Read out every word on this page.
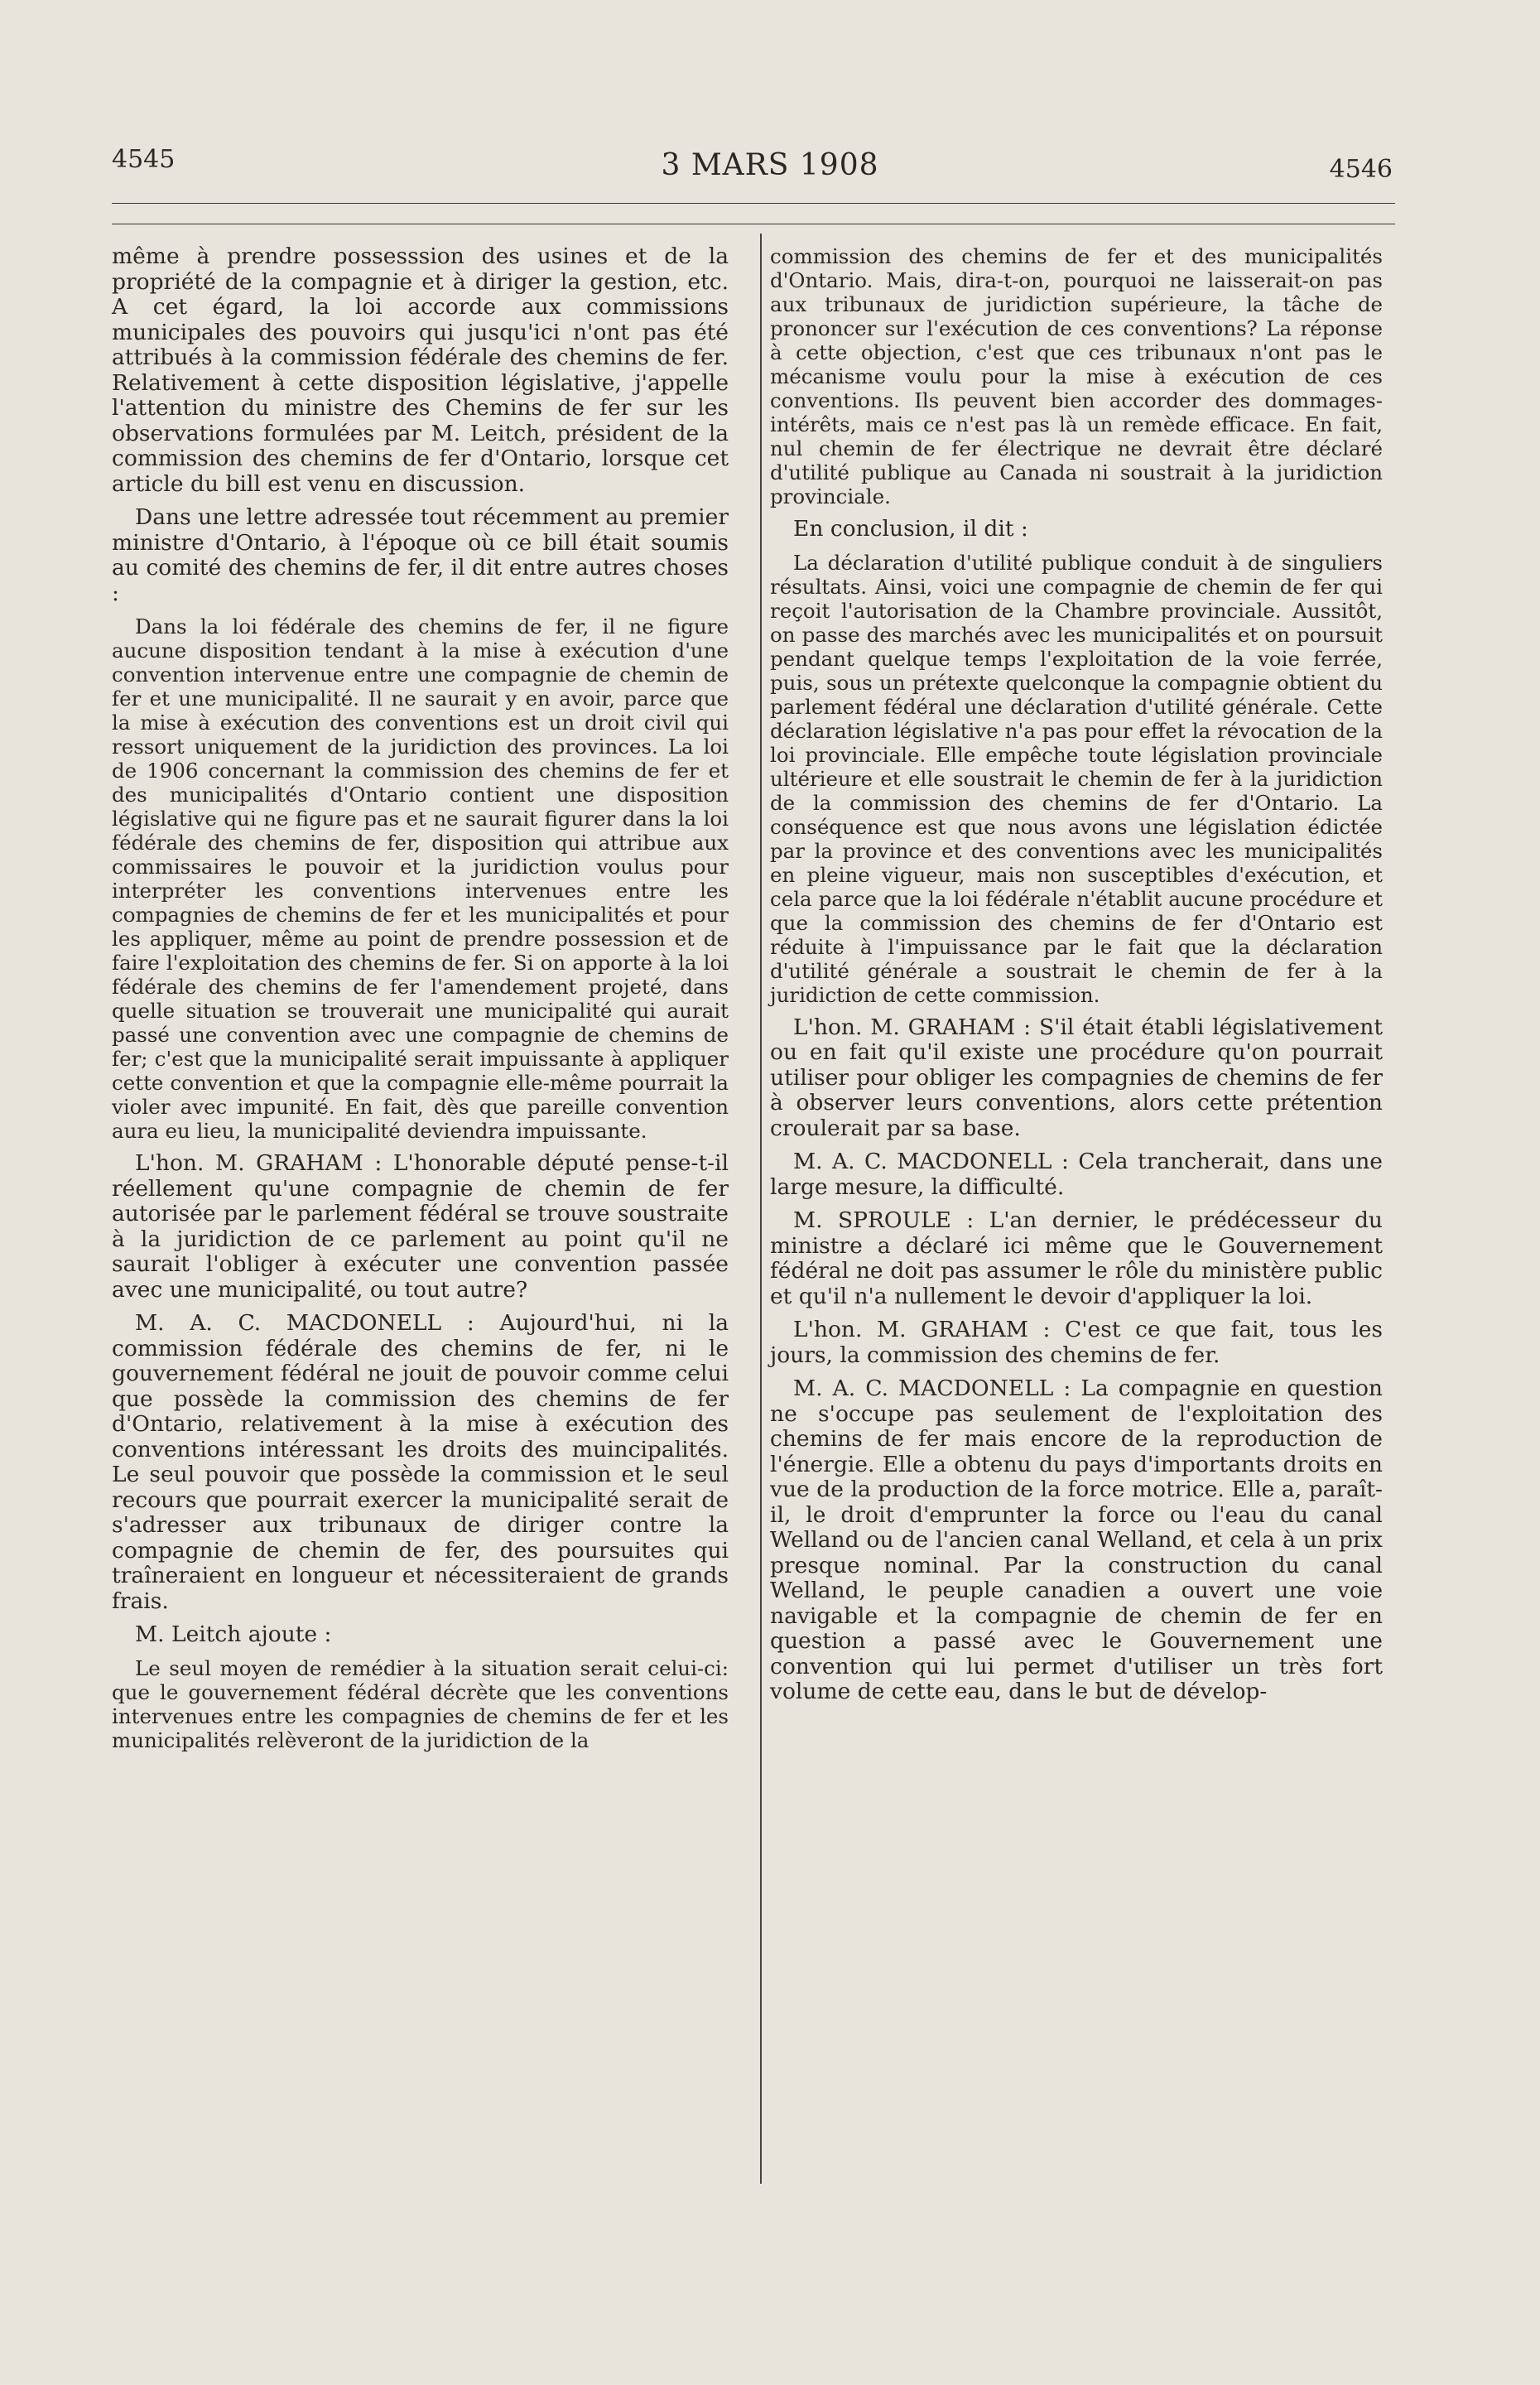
4545	3 MARS 1908	4546

même à prendre possesssion des usines et de la propriété de la compagnie et à diriger la gestion, etc. A cet égard, la loi accorde aux commissions municipales des pouvoirs qui jusqu'ici n'ont pas été attribués à la commission fédérale des chemins de fer. Relativement à cette disposition législative, j'appelle l'attention du ministre des Chemins de fer sur les observations formulées par M. Leitch, président de la commission des chemins de fer d'Ontario, lorsque cet article du bill est venu en discussion.

Dans une lettre adressée tout récemment au premier ministre d'Ontario, à l'époque où ce bill était soumis au comité des chemins de fer, il dit entre autres choses :

Dans la loi fédérale des chemins de fer, il ne figure aucune disposition tendant à la mise à exécution d'une convention intervenue entre une compagnie de chemin de fer et une municipalité. Il ne saurait y en avoir, parce que la mise à exécution des conventions est un droit civil qui ressort uniquement de la juridiction des provinces. La loi de 1906 concernant la commission des chemins de fer et des municipalités d'Ontario contient une disposition législative qui ne figure pas et ne saurait figurer dans la loi fédérale des chemins de fer, disposition qui attribue aux commissaires le pouvoir et la juridiction voulus pour interpréter les conventions intervenues entre les compagnies de chemins de fer et les municipalités et pour les appliquer, même au point de prendre possession et de faire l'exploitation des chemins de fer. Si on apporte à la loi fédérale des chemins de fer l'amendement projeté, dans quelle situation se trouverait une municipalité qui aurait passé une convention avec une compagnie de chemins de fer; c'est que la municipalité serait impuissante à appliquer cette convention et que la compagnie elle-même pourrait la violer avec impunité. En fait, dès que pareille convention aura eu lieu, la municipalité deviendra impuissante.

L'hon. M. GRAHAM : L'honorable député pense-t-il réellement qu'une compagnie de chemin de fer autorisée par le parlement fédéral se trouve soustraite à la juridiction de ce parlement au point qu'il ne saurait l'obliger à exécuter une convention passée avec une municipalité, ou tout autre?

M. A. C. MACDONELL : Aujourd'hui, ni la commission fédérale des chemins de fer, ni le gouvernement fédéral ne jouit de pouvoir comme celui que possède la commission des chemins de fer d'Ontario, relativement à la mise à exécution des conventions intéressant les droits des muincipalités. Le seul pouvoir que possède la commission et le seul recours que pourrait exercer la municipalité serait de s'adresser aux tribunaux de diriger contre la compagnie de chemin de fer, des poursuites qui traîneraient en longueur et nécessiteraient de grands frais.

M. Leitch ajoute :

Le seul moyen de remédier à la situation serait celui-ci: que le gouvernement fédéral décrète que les conventions intervenues entre les compagnies de chemins de fer et les municipalités relèveront de la juridiction de la

commission des chemins de fer et des municipalités d'Ontario. Mais, dira-t-on, pourquoi ne laisserait-on pas aux tribunaux de juridiction supérieure, la tâche de prononcer sur l'exécution de ces conventions? La réponse à cette objection, c'est que ces tribunaux n'ont pas le mécanisme voulu pour la mise à exécution de ces conventions. Ils peuvent bien accorder des dommages-intérêts, mais ce n'est pas là un remède efficace. En fait, nul chemin de fer électrique ne devrait être déclaré d'utilité publique au Canada ni soustrait à la juridiction provinciale.

En conclusion, il dit :

La déclaration d'utilité publique conduit à de singuliers résultats. Ainsi, voici une compagnie de chemin de fer qui reçoit l'autorisation de la Chambre provinciale. Aussitôt, on passe des marchés avec les municipalités et on poursuit pendant quelque temps l'exploitation de la voie ferrée, puis, sous un prétexte quelconque la compagnie obtient du parlement fédéral une déclaration d'utilité générale. Cette déclaration législative n'a pas pour effet la révocation de la loi provinciale. Elle empêche toute législation provinciale ultérieure et elle soustrait le chemin de fer à la juridiction de la commission des chemins de fer d'Ontario. La conséquence est que nous avons une législation édictée par la province et des conventions avec les municipalités en pleine vigueur, mais non susceptibles d'exécution, et cela parce que la loi fédérale n'établit aucune procédure et que la commission des chemins de fer d'Ontario est réduite à l'impuissance par le fait que la déclaration d'utilité générale a soustrait le chemin de fer à la juridiction de cette commission.

L'hon. M. GRAHAM : S'il était établi législativement ou en fait qu'il existe une procédure qu'on pourrait utiliser pour obliger les compagnies de chemins de fer à observer leurs conventions, alors cette prétention croulerait par sa base.

M. A. C. MACDONELL : Cela trancherait, dans une large mesure, la difficulté.

M. SPROULE : L'an dernier, le prédécesseur du ministre a déclaré ici même que le Gouvernement fédéral ne doit pas assumer le rôle du ministère public et qu'il n'a nullement le devoir d'appliquer la loi.

L'hon. M. GRAHAM : C'est ce que fait, tous les jours, la commission des chemins de fer.

M. A. C. MACDONELL : La compagnie en question ne s'occupe pas seulement de l'exploitation des chemins de fer mais encore de la reproduction de l'énergie. Elle a obtenu du pays d'importants droits en vue de la production de la force motrice. Elle a, paraît-il, le droit d'emprunter la force ou l'eau du canal Welland ou de l'ancien canal Welland, et cela à un prix presque nominal. Par la construction du canal Welland, le peuple canadien a ouvert une voie navigable et la compagnie de chemin de fer en question a passé avec le Gouvernement une convention qui lui permet d'utiliser un très fort volume de cette eau, dans le but de dévelop-
